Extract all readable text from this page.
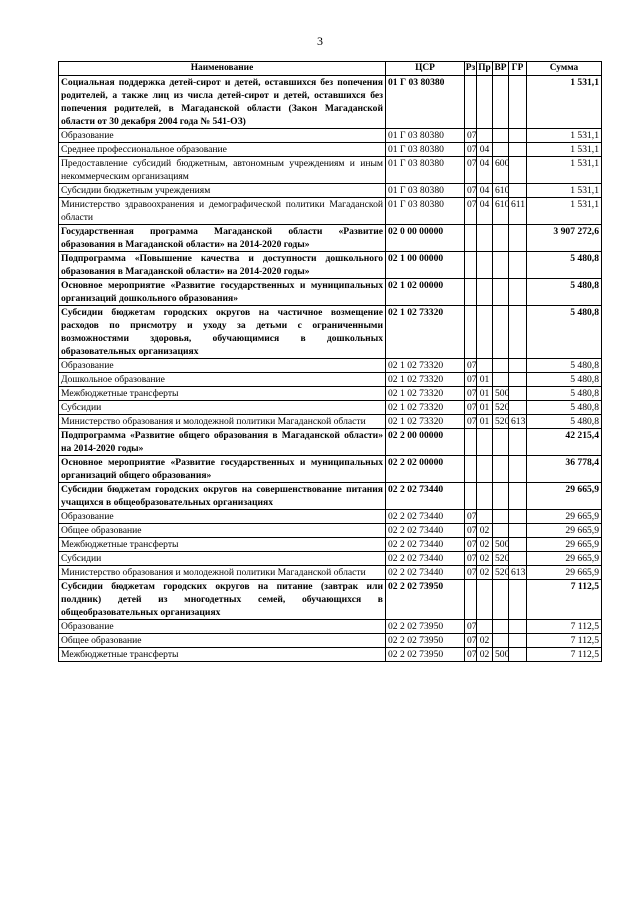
3
Наименование	ЦСР	Рз	Пр	ВР	ГР	Сумма
Социальная поддержка детей-сирот и детей, оставшихся без попечения родителей, а также лиц из числа детей-сирот и детей, оставшихся без попечения родителей, в Магаданской области (Закон Магаданской области от 30 декабря 2004 года № 541-ОЗ)	01 Г 03 80380					1 531,1
Образование	01 Г 03 80380	07				1 531,1
Среднее профессиональное образование	01 Г 03 80380	07	04			1 531,1
Предоставление субсидий бюджетным, автономным учреждениям и иным некоммерческим организациям	01 Г 03 80380	07	04	600		1 531,1
Субсидии бюджетным учреждениям	01 Г 03 80380	07	04	610		1 531,1
Министерство здравоохранения и демографической политики Магаданской области	01 Г 03 80380	07	04	610	611	1 531,1
Государственная программа Магаданской области «Развитие образования в Магаданской области» на 2014-2020 годы»	02 0 00 00000					3 907 272,6
Подпрограмма «Повышение качества и доступности дошкольного образования в Магаданской области» на 2014-2020 годы»	02 1 00 00000					5 480,8
Основное мероприятие «Развитие государственных и муниципальных организаций дошкольного образования»	02 1 02 00000					5 480,8
Субсидии бюджетам городских округов на частичное возмещение расходов по присмотру и уходу за детьми с ограниченными возможностями здоровья, обучающимися в дошкольных образовательных организациях	02 1 02 73320					5 480,8
Образование	02 1 02 73320	07				5 480,8
Дошкольное образование	02 1 02 73320	07	01			5 480,8
Межбюджетные трансферты	02 1 02 73320	07	01	500		5 480,8
Субсидии	02 1 02 73320	07	01	520		5 480,8
Министерство образования и молодежной политики Магаданской области	02 1 02 73320	07	01	520	613	5 480,8
Подпрограмма «Развитие общего образования в Магаданской области» на 2014-2020 годы»	02 2 00 00000					42 215,4
Основное мероприятие «Развитие государственных и муниципальных организаций общего образования»	02 2 02 00000					36 778,4
Субсидии бюджетам городских округов на совершенствование питания учащихся в общеобразовательных организациях	02 2 02 73440					29 665,9
Образование	02 2 02 73440	07				29 665,9
Общее образование	02 2 02 73440	07	02			29 665,9
Межбюджетные трансферты	02 2 02 73440	07	02	500		29 665,9
Субсидии	02 2 02 73440	07	02	520		29 665,9
Министерство образования и молодежной политики Магаданской области	02 2 02 73440	07	02	520	613	29 665,9
Субсидии бюджетам городских округов на питание (завтрак или полдник) детей из многодетных семей, обучающихся в общеобразовательных организациях	02 2 02 73950					7 112,5
Образование	02 2 02 73950	07				7 112,5
Общее образование	02 2 02 73950	07	02			7 112,5
Межбюджетные трансферты	02 2 02 73950	07	02	500		7 112,5
